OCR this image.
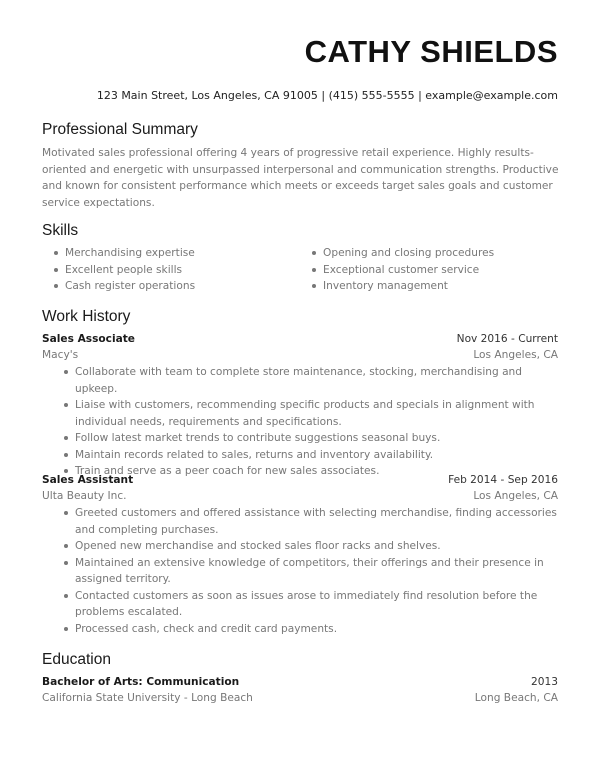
CATHY SHIELDS
123 Main Street, Los Angeles, CA 91005 | (415) 555-5555 | example@example.com
Professional Summary
Motivated sales professional offering 4 years of progressive retail experience. Highly results-oriented and energetic with unsurpassed interpersonal and communication strengths. Productive and known for consistent performance which meets or exceeds target sales goals and customer service expectations.
Skills
Merchandising expertise
Excellent people skills
Cash register operations
Opening and closing procedures
Exceptional customer service
Inventory management
Work History
Sales Associate	Nov 2016 - Current
Macy's	Los Angeles, CA
Collaborate with team to complete store maintenance, stocking, merchandising and upkeep.
Liaise with customers, recommending specific products and specials in alignment with individual needs, requirements and specifications.
Follow latest market trends to contribute suggestions seasonal buys.
Maintain records related to sales, returns and inventory availability.
Train and serve as a peer coach for new sales associates.
Sales Assistant	Feb 2014 - Sep 2016
Ulta Beauty Inc.	Los Angeles, CA
Greeted customers and offered assistance with selecting merchandise, finding accessories and completing purchases.
Opened new merchandise and stocked sales floor racks and shelves.
Maintained an extensive knowledge of competitors, their offerings and their presence in assigned territory.
Contacted customers as soon as issues arose to immediately find resolution before the problems escalated.
Processed cash, check and credit card payments.
Education
Bachelor of Arts: Communication	2013
California State University - Long Beach	Long Beach, CA
